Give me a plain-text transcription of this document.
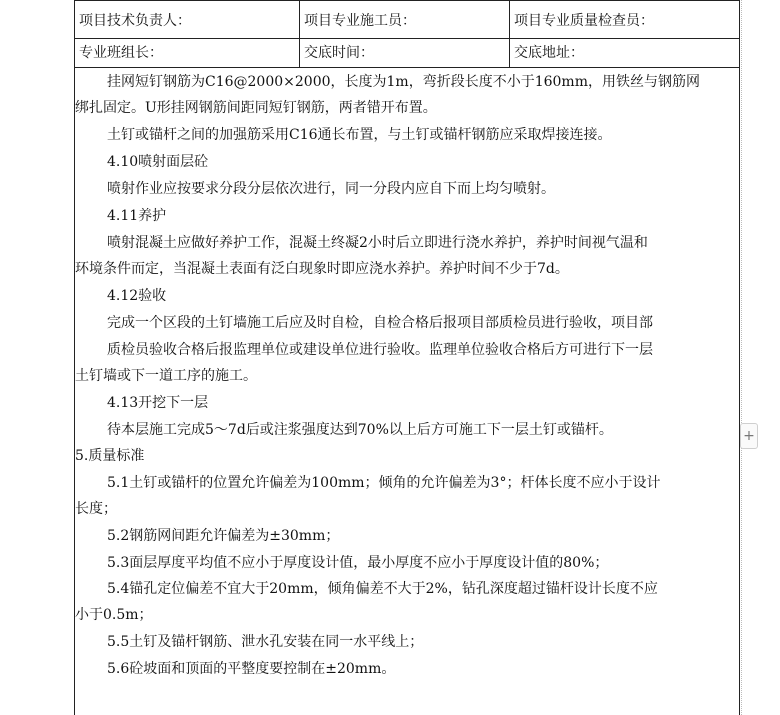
项目技术负责人：	项目专业施工员：	项目专业质量检查员：
专业班组长：	交底时间：	交底地址：
挂网短钉钢筋为C16@2000×2000，长度为1m，弯折段长度不小于160mm，用铁丝与钢筋网
绑扎固定。U形挂网钢筋间距同短钉钢筋，两者错开布置。
土钉或锚杆之间的加强筋采用C16通长布置，与土钉或锚杆钢筋应采取焊接连接。
4.10喷射面层砼
喷射作业应按要求分段分层依次进行，同一分段内应自下而上均匀喷射。
4.11养护
喷射混凝土应做好养护工作，混凝土终凝2小时后立即进行浇水养护，养护时间视气温和
环境条件而定，当混凝土表面有泛白现象时即应浇水养护。养护时间不少于7d。
4.12验收
完成一个区段的土钉墙施工后应及时自检，自检合格后报项目部质检员进行验收，项目部
质检员验收合格后报监理单位或建设单位进行验收。监理单位验收合格后方可进行下一层
土钉墙或下一道工序的施工。
4.13开挖下一层
待本层施工完成5～7d后或注浆强度达到70%以上后方可施工下一层土钉或锚杆。
5.质量标准
5.1土钉或锚杆的位置允许偏差为100mm；倾角的允许偏差为3°；杆体长度不应小于设计
长度；
5.2钢筋网间距允许偏差为±30mm；
5.3面层厚度平均值不应小于厚度设计值，最小厚度不应小于厚度设计值的80%；
5.4锚孔定位偏差不宜大于20mm，倾角偏差不大于2%，钻孔深度超过锚杆设计长度不应
小于0.5m；
5.5土钉及锚杆钢筋、泄水孔安装在同一水平线上；
5.6砼坡面和顶面的平整度要控制在±20mm。
+
